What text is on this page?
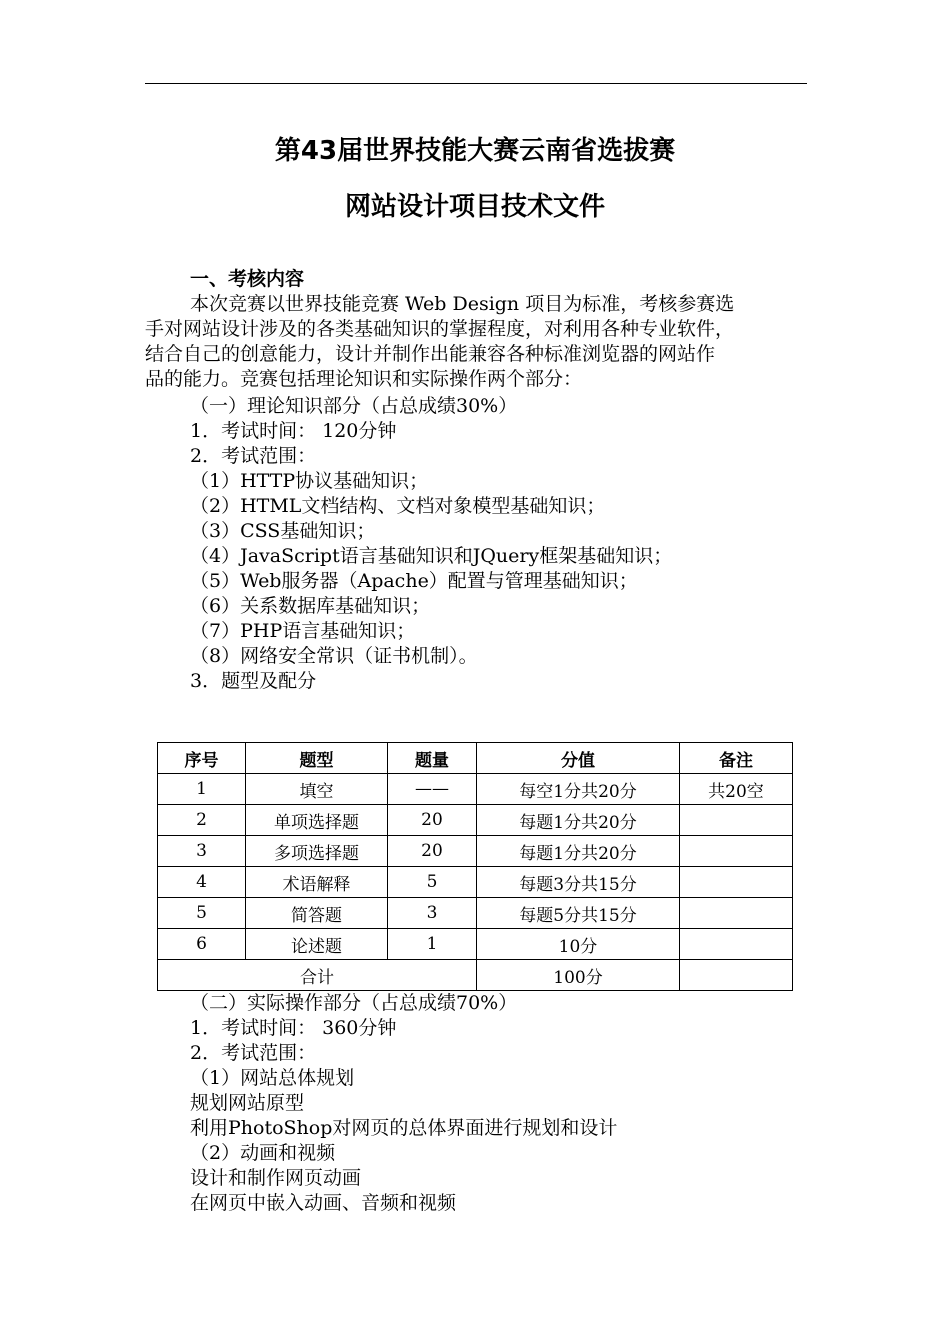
第43届世界技能大赛云南省选拔赛
网站设计项目技术文件
一、考核内容
本次竞赛以世界技能竞赛 Web Design 项目为标准，考核参赛选
手对网站设计涉及的各类基础知识的掌握程度，对利用各种专业软件，
结合自己的创意能力，设计并制作出能兼容各种标准浏览器的网站作
品的能力。竞赛包括理论知识和实际操作两个部分：
（一）理论知识部分（占总成绩30%）
1．考试时间： 120分钟
2．考试范围：
（1）HTTP协议基础知识；
（2）HTML文档结构、文档对象模型基础知识；
（3）CSS基础知识；
（4）JavaScript语言基础知识和JQuery框架基础知识；
（5）Web服务器（Apache）配置与管理基础知识；
（6）关系数据库基础知识；
（7）PHP语言基础知识；
（8）网络安全常识（证书机制）。
3．题型及配分
序号	题型	题量	分值	备注
1	填空	——	每空1分共20分	共20空
2	单项选择题	20	每题1分共20分	
3	多项选择题	20	每题1分共20分	
4	术语解释	5	每题3分共15分	
5	简答题	3	每题5分共15分	
6	论述题	1	10分	
合计			100分	
（二）实际操作部分（占总成绩70%）
1．考试时间： 360分钟
2．考试范围：
（1）网站总体规划
规划网站原型
利用PhotoShop对网页的总体界面进行规划和设计
（2）动画和视频
设计和制作网页动画
在网页中嵌入动画、音频和视频
